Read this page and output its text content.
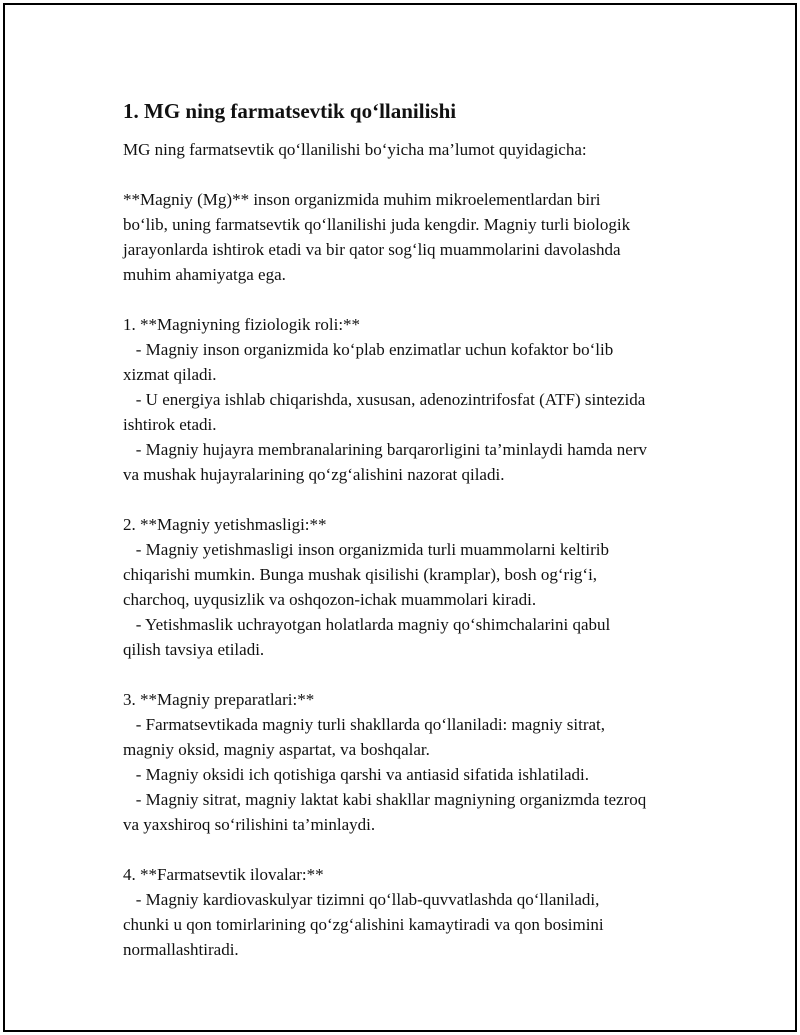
1. MG ning farmatsevtik qo‘llanilishi

MG ning farmatsevtik qo‘llanilishi bo‘yicha ma’lumot quyidagicha:

**Magniy (Mg)** inson organizmida muhim mikroelementlardan biri
bo‘lib, uning farmatsevtik qo‘llanilishi juda kengdir. Magniy turli biologik
jarayonlarda ishtirok etadi va bir qator sog‘liq muammolarini davolashda
muhim ahamiyatga ega.

1. **Magniyning fiziologik roli:**
- Magniy inson organizmida ko‘plab enzimatlar uchun kofaktor bo‘lib
xizmat qiladi.
- U energiya ishlab chiqarishda, xususan, adenozintrifosfat (ATF) sintezida
ishtirok etadi.
- Magniy hujayra membranalarining barqarorligini ta’minlaydi hamda nerv
va mushak hujayralarining qo‘zg‘alishini nazorat qiladi.

2. **Magniy yetishmasligi:**
- Magniy yetishmasligi inson organizmida turli muammolarni keltirib
chiqarishi mumkin. Bunga mushak qisilishi (kramplar), bosh og‘rig‘i,
charchoq, uyqusizlik va oshqozon-ichak muammolari kiradi.
- Yetishmaslik uchrayotgan holatlarda magniy qo‘shimchalarini qabul
qilish tavsiya etiladi.

3. **Magniy preparatlari:**
- Farmatsevtikada magniy turli shakllarda qo‘llaniladi: magniy sitrat,
magniy oksid, magniy aspartat, va boshqalar.
- Magniy oksidi ich qotishiga qarshi va antiasid sifatida ishlatiladi.
- Magniy sitrat, magniy laktat kabi shakllar magniyning organizmda tezroq
va yaxshiroq so‘rilishini ta’minlaydi.

4. **Farmatsevtik ilovalar:**
- Magniy kardiovaskulyar tizimni qo‘llab-quvvatlashda qo‘llaniladi,
chunki u qon tomirlarining qo‘zg‘alishini kamaytiradi va qon bosimini
normallashtiradi.
